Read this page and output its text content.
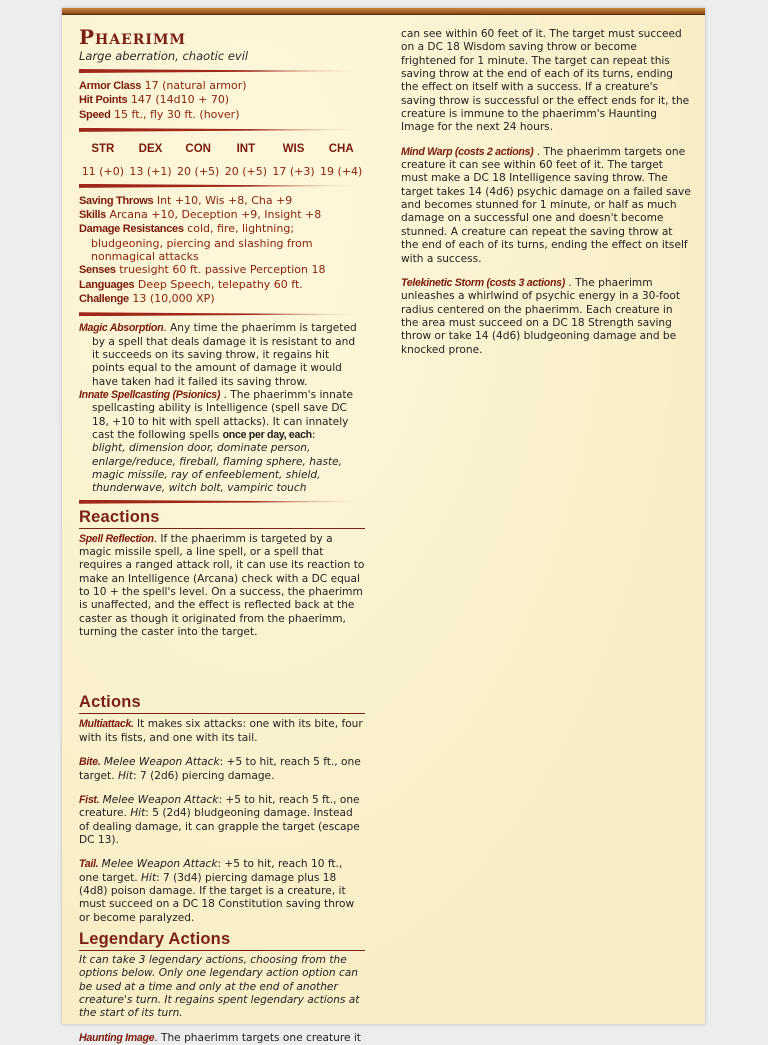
Phaerimm

Large aberration, chaotic evil

Armor Class 17 (natural armor)

Hit Points 147 (14d10 + 70)

Speed 15 ft., fly 30 ft. (hover)

STR	DEX	CON	INT	WIS	CHA
11 (+0) 13 (+1) 20 (+5) 20 (+5) 17 (+3) 19 (+4)

Saving Throws Int +10, Wis +8, Cha +9

Skills Arcana +10, Deception +9, Insight +8

Damage Resistances cold, fire, lightning; bludgeoning, piercing and slashing from nonmagical attacks

Senses truesight 60 ft. passive Perception 18

Languages Deep Speech, telepathy 60 ft.

Challenge 13 (10,000 XP)

Magic Absorption. Any time the phaerimm is targeted by a spell that deals damage it is resistant to and it succeeds on its saving throw, it regains hit points equal to the amount of damage it would have taken had it failed its saving throw.

Innate Spellcasting (Psionics) . The phaerimm's innate spellcasting ability is Intelligence (spell save DC 18, +10 to hit with spell attacks). It can innately cast the following spells once per day, each:

blight, dimension door, dominate person, enlarge/reduce, fireball, flaming sphere, haste, magic missile, ray of enfeeblement, shield, thunderwave, witch bolt, vampiric touch

Reactions

Spell Reflection. If the phaerimm is targeted by a magic missile spell, a line spell, or a spell that requires a ranged attack roll, it can use its reaction to make an Intelligence (Arcana) check with a DC equal to 10 + the spell's level. On a success, the phaerimm is unaffected, and the effect is reflected back at the caster as though it originated from the phaerimm, turning the caster into the target.

Actions

Multiattack. It makes six attacks: one with its bite, four with its fists, and one with its tail.

Bite. Melee Weapon Attack: +5 to hit, reach 5 ft., one target. Hit: 7 (2d6) piercing damage.

Fist. Melee Weapon Attack: +5 to hit, reach 5 ft., one creature. Hit: 5 (2d4) bludgeoning damage. Instead of dealing damage, it can grapple the target (escape DC 13).

Tail. Melee Weapon Attack: +5 to hit, reach 10 ft., one target. Hit: 7 (3d4) piercing damage plus 18 (4d8) poison damage. If the target is a creature, it must succeed on a DC 18 Constitution saving throw or become paralyzed.

Legendary Actions

It can take 3 legendary actions, choosing from the options below. Only one legendary action option can be used at a time and only at the end of another creature's turn. It regains spent legendary actions at the start of its turn.

Haunting Image. The phaerimm targets one creature it

can see within 60 feet of it. The target must succeed on a DC 18 Wisdom saving throw or become frightened for 1 minute. The target can repeat this saving throw at the end of each of its turns, ending the effect on itself with a success. If a creature's saving throw is successful or the effect ends for it, the creature is immune to the phaerimm's Haunting Image for the next 24 hours.

Mind Warp (costs 2 actions) . The phaerimm targets one creature it can see within 60 feet of it. The target must make a DC 18 Intelligence saving throw. The target takes 14 (4d6) psychic damage on a failed save and becomes stunned for 1 minute, or half as much damage on a successful one and doesn't become stunned. A creature can repeat the saving throw at the end of each of its turns, ending the effect on itself with a success.

Telekinetic Storm (costs 3 actions) . The phaerimm unleashes a whirlwind of psychic energy in a 30-foot radius centered on the phaerimm. Each creature in the area must succeed on a DC 18 Strength saving throw or take 14 (4d6) bludgeoning damage and be knocked prone.
